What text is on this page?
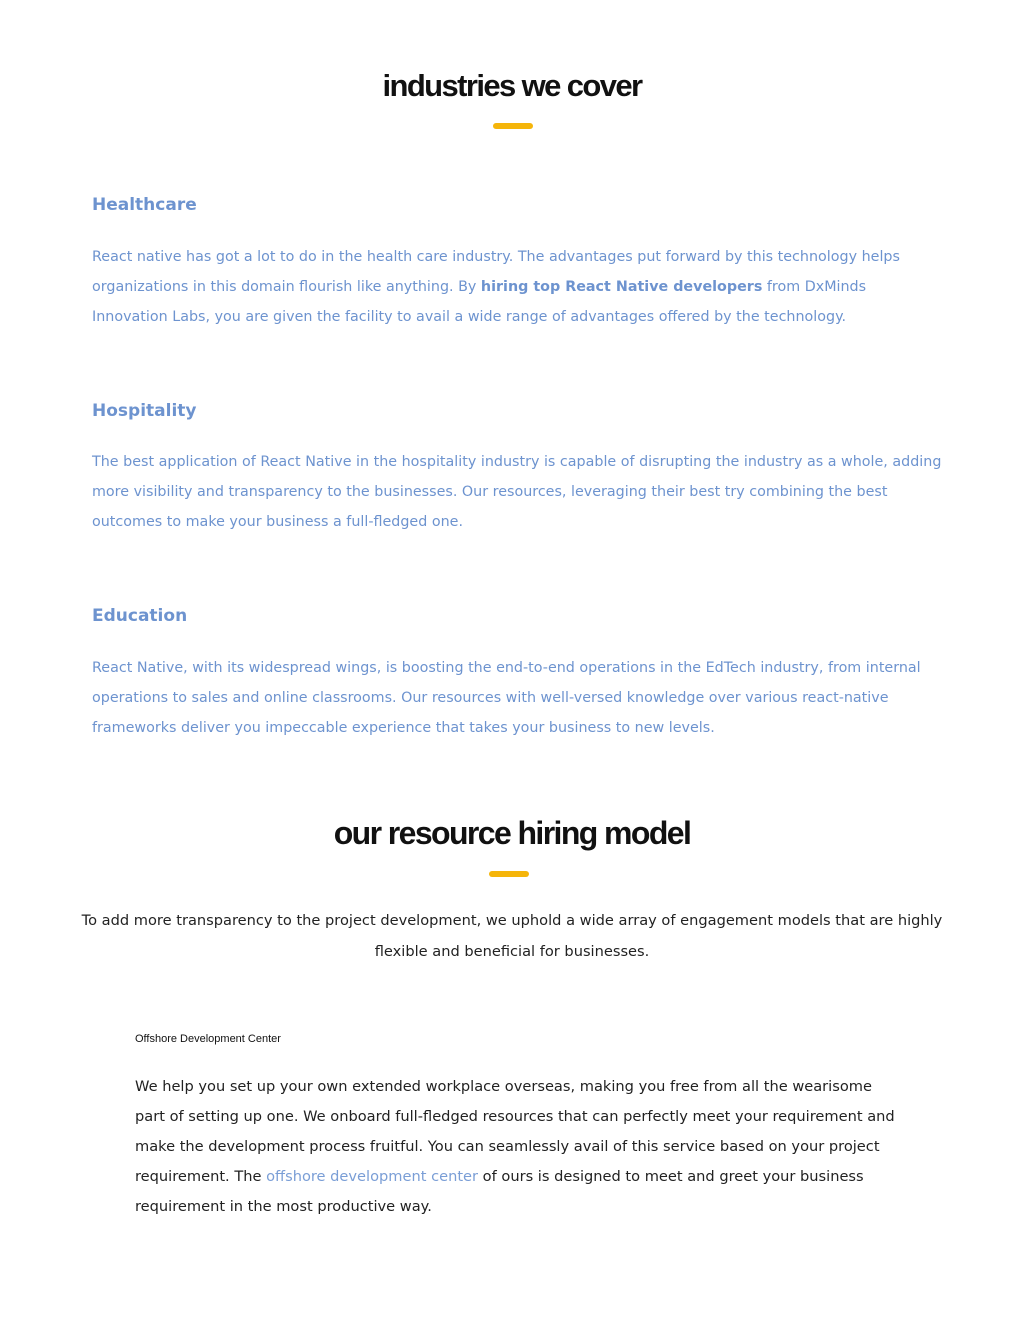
industries we cover
Healthcare

React native has got a lot to do in the health care industry. The advantages put forward by this technology helps organizations in this domain flourish like anything. By hiring top React Native developers from DxMinds Innovation Labs, you are given the facility to avail a wide range of advantages offered by the technology.

Hospitality

The best application of React Native in the hospitality industry is capable of disrupting the industry as a whole, adding more visibility and transparency to the businesses. Our resources, leveraging their best try combining the best outcomes to make your business a full-fledged one.

Education

React Native, with its widespread wings, is boosting the end-to-end operations in the EdTech industry, from internal operations to sales and online classrooms. Our resources with well-versed knowledge over various react-native frameworks deliver you impeccable experience that takes your business to new levels.

our resource hiring model

To add more transparency to the project development, we uphold a wide array of engagement models that are highly flexible and beneficial for businesses.

Offshore Development Center

We help you set up your own extended workplace overseas, making you free from all the wearisome part of setting up one. We onboard full-fledged resources that can perfectly meet your requirement and make the development process fruitful. You can seamlessly avail of this service based on your project requirement. The offshore development center of ours is designed to meet and greet your business requirement in the most productive way.
